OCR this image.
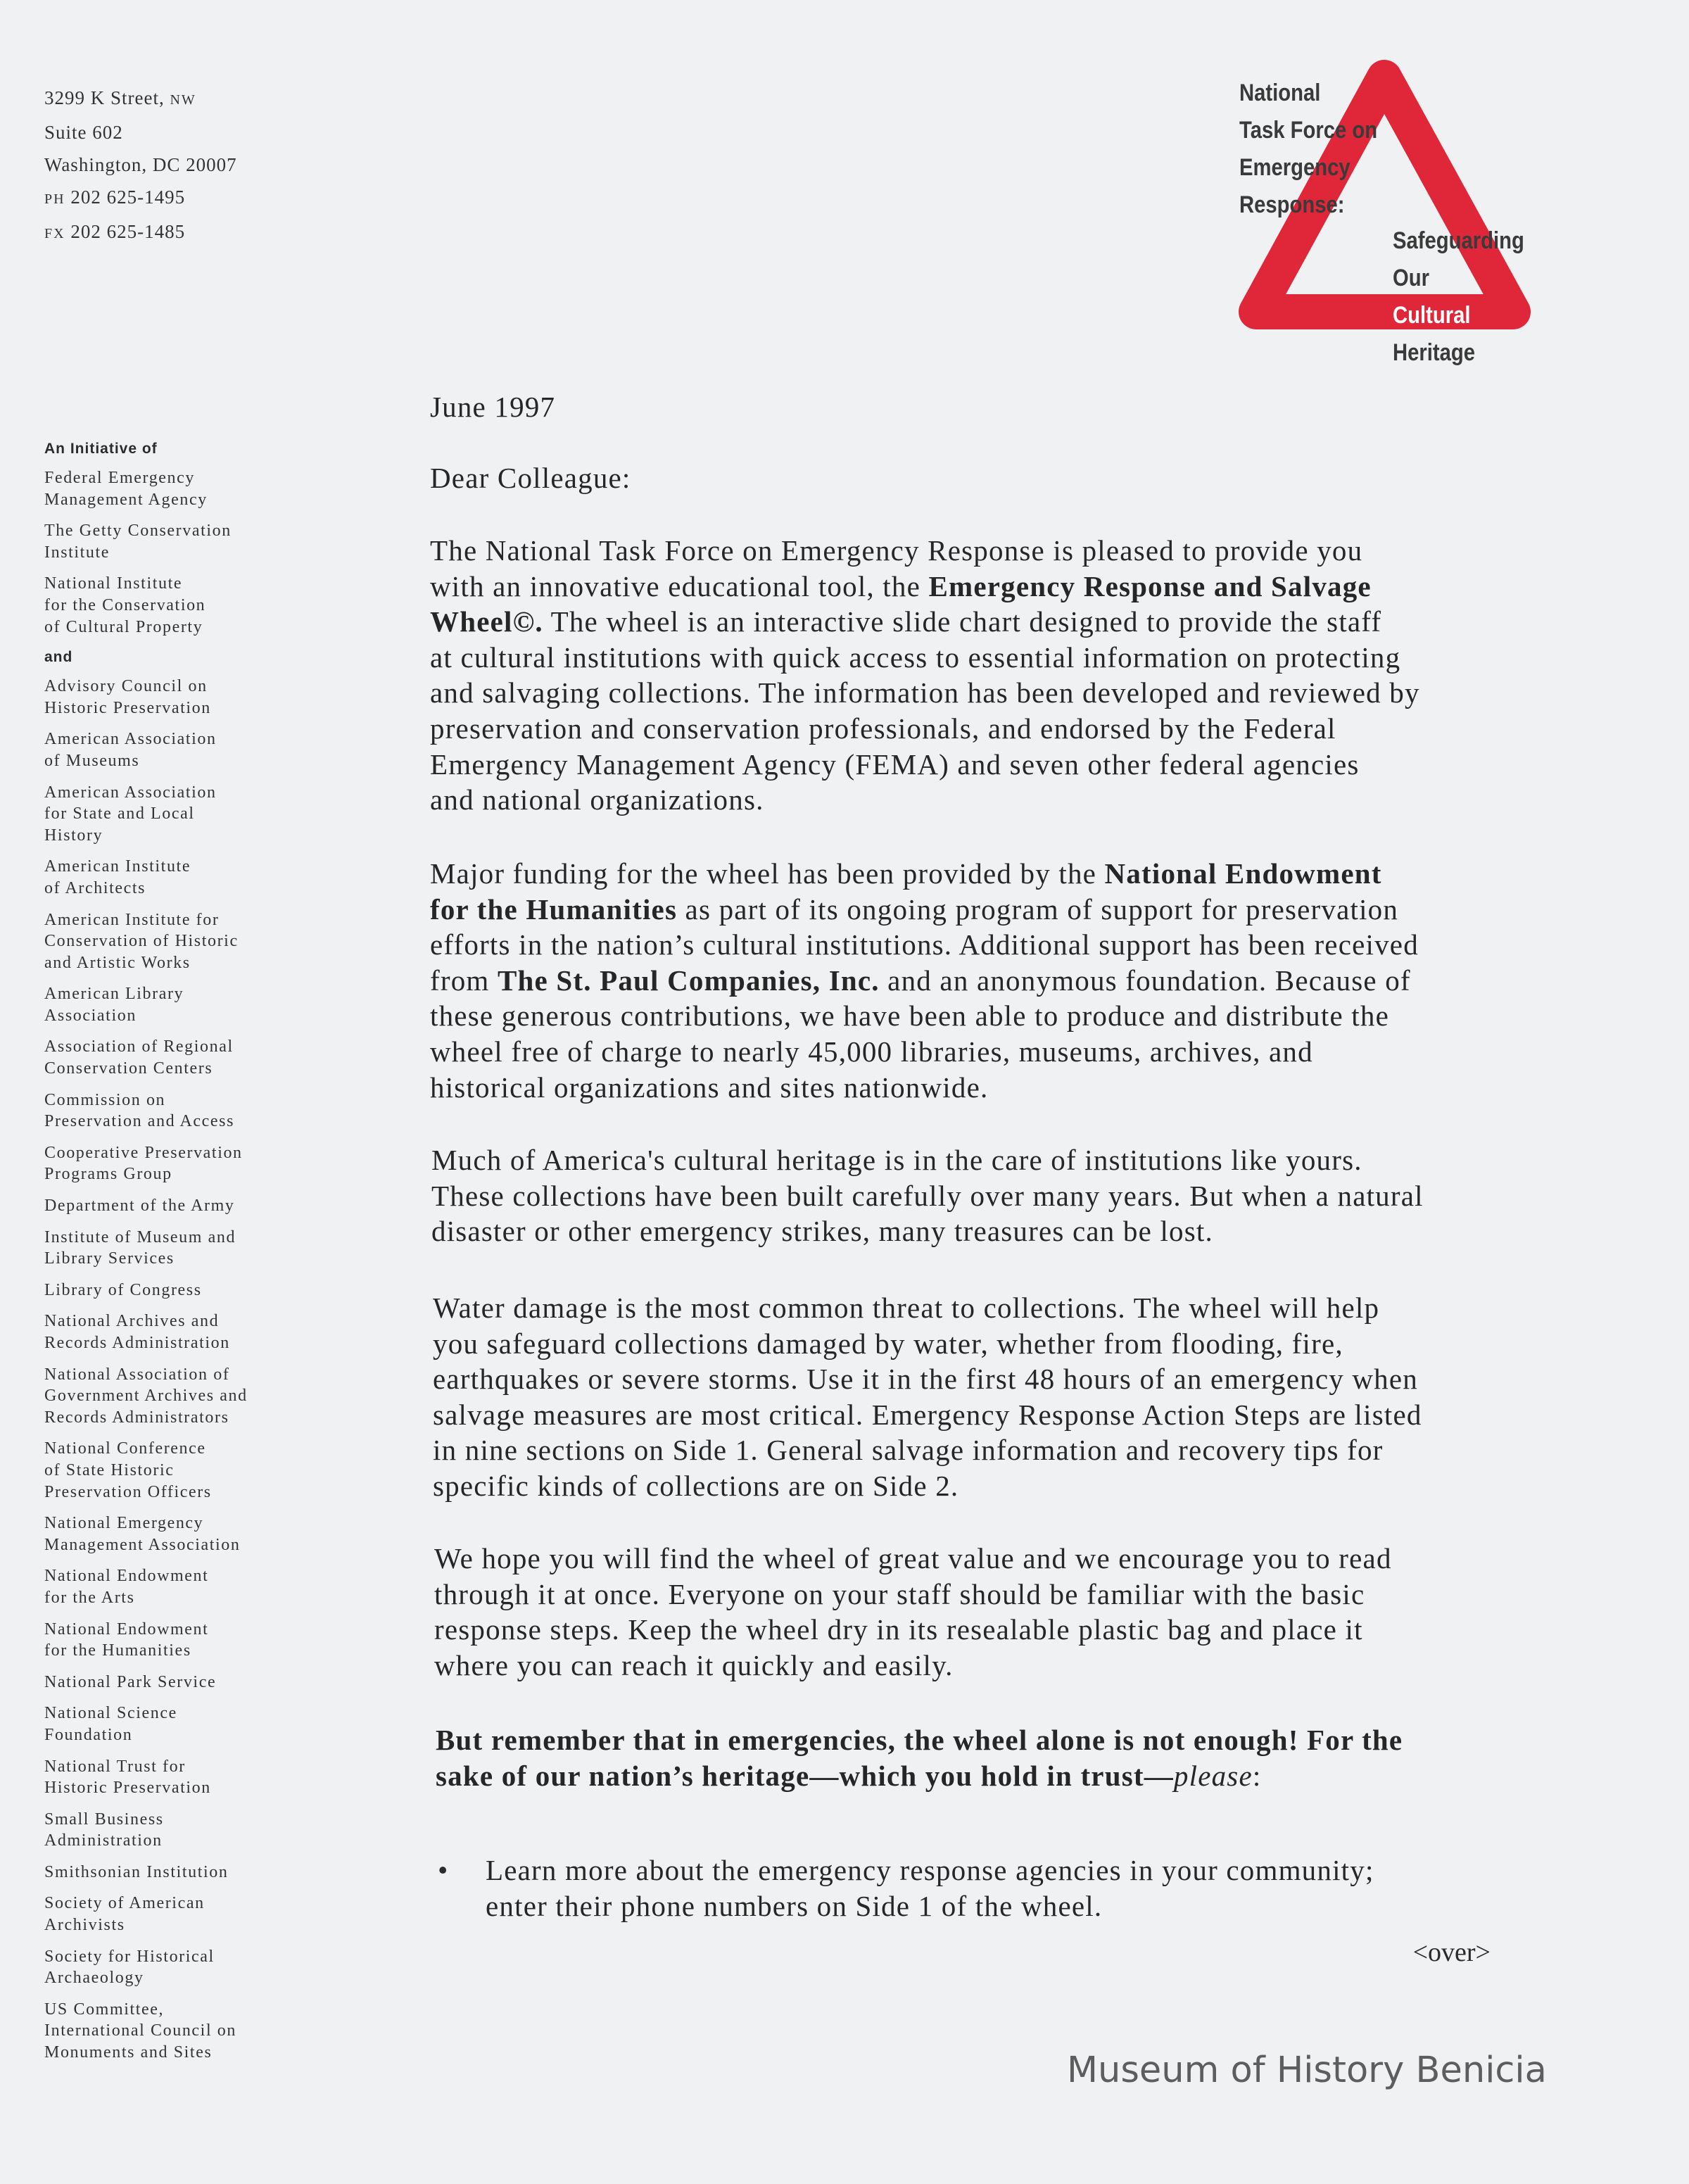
3299 K Street, NW
Suite 602
Washington, DC 20007
PH 202 625-1495
FX 202 625-1485
National
Task Force on
Emergency
Response:
Safeguarding
Our
Cultural
Heritage
An Initiative of
Federal Emergency
Management Agency
The Getty Conservation
Institute
National Institute
for the Conservation
of Cultural Property
and
Advisory Council on
Historic Preservation
American Association
of Museums
American Association
for State and Local
History
American Institute
of Architects
American Institute for
Conservation of Historic
and Artistic Works
American Library
Association
Association of Regional
Conservation Centers
Commission on
Preservation and Access
Cooperative Preservation
Programs Group
Department of the Army
Institute of Museum and
Library Services
Library of Congress
National Archives and
Records Administration
National Association of
Government Archives and
Records Administrators
National Conference
of State Historic
Preservation Officers
National Emergency
Management Association
National Endowment
for the Arts
National Endowment
for the Humanities
National Park Service
National Science
Foundation
National Trust for
Historic Preservation
Small Business
Administration
Smithsonian Institution
Society of American
Archivists
Society for Historical
Archaeology
US Committee,
International Council on
Monuments and Sites
June 1997
Dear Colleague:
The National Task Force on Emergency Response is pleased to provide you
with an innovative educational tool, the Emergency Response and Salvage
Wheel©. The wheel is an interactive slide chart designed to provide the staff
at cultural institutions with quick access to essential information on protecting
and salvaging collections. The information has been developed and reviewed by
preservation and conservation professionals, and endorsed by the Federal
Emergency Management Agency (FEMA) and seven other federal agencies
and national organizations.
Major funding for the wheel has been provided by the National Endowment
for the Humanities as part of its ongoing program of support for preservation
efforts in the nation’s cultural institutions. Additional support has been received
from The St. Paul Companies, Inc. and an anonymous foundation. Because of
these generous contributions, we have been able to produce and distribute the
wheel free of charge to nearly 45,000 libraries, museums, archives, and
historical organizations and sites nationwide.
Much of America's cultural heritage is in the care of institutions like yours.
These collections have been built carefully over many years. But when a natural
disaster or other emergency strikes, many treasures can be lost.
Water damage is the most common threat to collections. The wheel will help
you safeguard collections damaged by water, whether from flooding, fire,
earthquakes or severe storms. Use it in the first 48 hours of an emergency when
salvage measures are most critical. Emergency Response Action Steps are listed
in nine sections on Side 1. General salvage information and recovery tips for
specific kinds of collections are on Side 2.
We hope you will find the wheel of great value and we encourage you to read
through it at once. Everyone on your staff should be familiar with the basic
response steps. Keep the wheel dry in its resealable plastic bag and place it
where you can reach it quickly and easily.
But remember that in emergencies, the wheel alone is not enough! For the
sake of our nation’s heritage—which you hold in trust—please:
• Learn more about the emergency response agencies in your community;
enter their phone numbers on Side 1 of the wheel.
<over>
Museum of History Benicia
